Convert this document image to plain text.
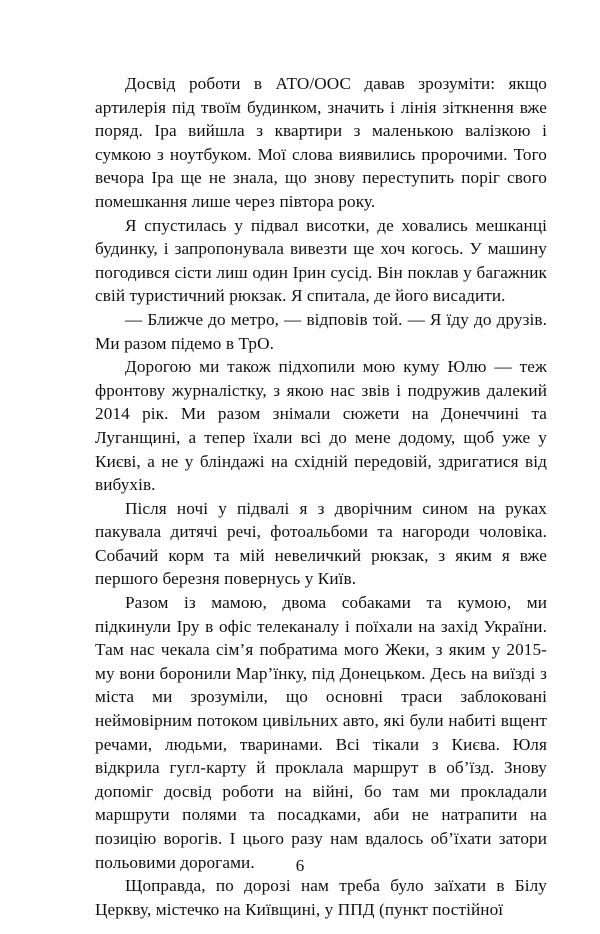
Досвід роботи в АТО/ООС давав зрозуміти: якщо артилерія під твоїм будинком, значить і лінія зіткнення вже поряд. Іра вийшла з квартири з маленькою валізкою і сумкою з ноутбуком. Мої слова виявились пророчими. Того вечора Іра ще не знала, що знову переступить поріг свого помешкання лише через півтора року.

Я спустилась у підвал висотки, де ховались мешканці будинку, і запропонувала вивезти ще хоч когось. У машину погодився сісти лиш один Ірин сусід. Він поклав у багажник свій туристичний рюкзак. Я спитала, де його висадити.

— Ближче до метро, — відповів той. — Я їду до друзів. Ми разом підемо в ТрО.

Дорогою ми також підхопили мою куму Юлю — теж фронтову журналістку, з якою нас звів і подружив далекий 2014 рік. Ми разом знімали сюжети на Донеччині та Луганщині, а тепер їхали всі до мене додому, щоб уже у Києві, а не у бліндажі на східній передовій, здригатися від вибухів.

Після ночі у підвалі я з дворічним сином на руках пакувала дитячі речі, фотоальбоми та нагороди чоловіка. Собачий корм та мій невеличкий рюкзак, з яким я вже першого березня повернусь у Київ.

Разом із мамою, двома собаками та кумою, ми підкинули Іру в офіс телеканалу і поїхали на захід України. Там нас чекала сім’я побратима мого Жеки, з яким у 2015-му вони боронили Мар’їнку, під Донецьком. Десь на виїзді з міста ми зрозуміли, що основні траси заблоковані неймовірним потоком цивільних авто, які були набиті вщент речами, людьми, тваринами. Всі тікали з Києва. Юля відкрила гугл-карту й проклала маршрут в об’їзд. Знову допоміг досвід роботи на війні, бо там ми прокладали маршрути полями та посадками, аби не натрапити на позицію ворогів. І цього разу нам вдалось об’їхати затори польовими дорогами.

Щоправда, по дорозі нам треба було заїхати в Білу Церкву, містечко на Київщині, у ППД (пункт постійної

6
